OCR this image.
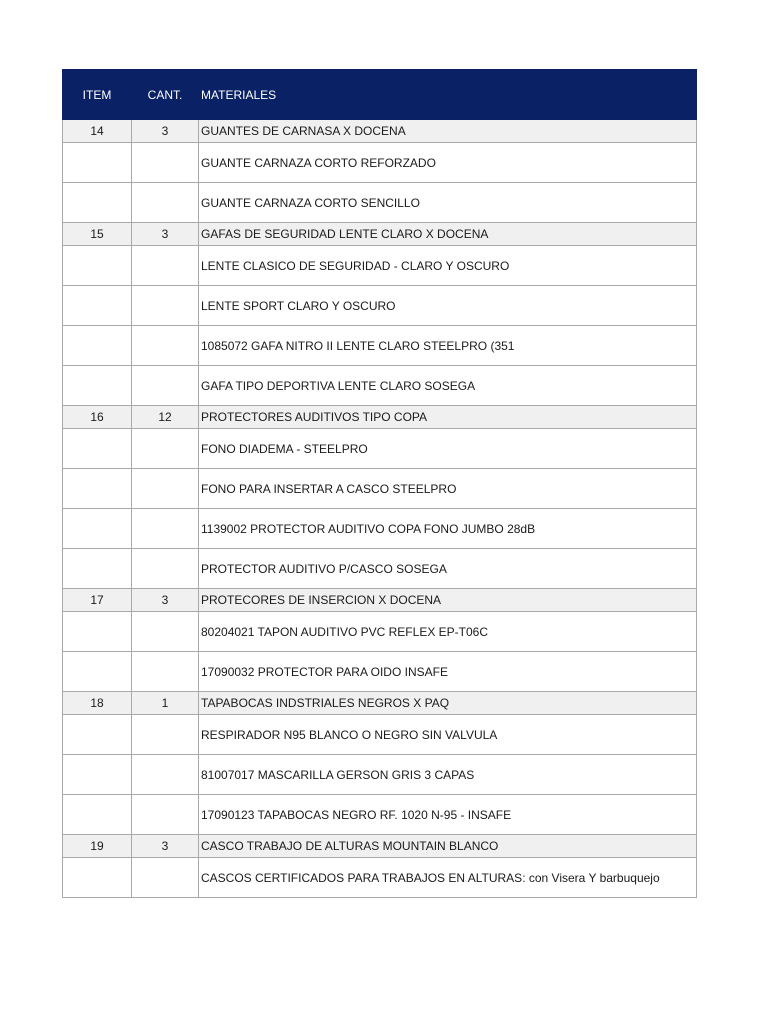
ITEM	CANT.	MATERIALES
14	3	GUANTES DE CARNASA X DOCENA
		GUANTE CARNAZA CORTO REFORZADO
		GUANTE CARNAZA CORTO SENCILLO
15	3	GAFAS DE SEGURIDAD LENTE CLARO X DOCENA
		LENTE CLASICO DE SEGURIDAD - CLARO Y OSCURO
		LENTE SPORT CLARO Y OSCURO
		1085072 GAFA NITRO II LENTE CLARO STEELPRO (351
		GAFA TIPO DEPORTIVA LENTE CLARO SOSEGA
16	12	PROTECTORES AUDITIVOS TIPO COPA
		FONO DIADEMA - STEELPRO
		FONO PARA INSERTAR A CASCO STEELPRO
		1139002 PROTECTOR AUDITIVO COPA FONO JUMBO 28dB
		PROTECTOR AUDITIVO P/CASCO SOSEGA
17	3	PROTECORES DE INSERCION X DOCENA
		80204021 TAPON AUDITIVO PVC REFLEX EP-T06C
		17090032 PROTECTOR PARA OIDO INSAFE
18	1	TAPABOCAS INDSTRIALES NEGROS X PAQ
		RESPIRADOR N95 BLANCO O NEGRO SIN VALVULA
		81007017 MASCARILLA GERSON GRIS 3 CAPAS
		17090123 TAPABOCAS NEGRO RF. 1020 N-95 - INSAFE
19	3	CASCO TRABAJO DE ALTURAS MOUNTAIN BLANCO
		CASCOS CERTIFICADOS PARA TRABAJOS EN ALTURAS: con Visera Y barbuquejo
